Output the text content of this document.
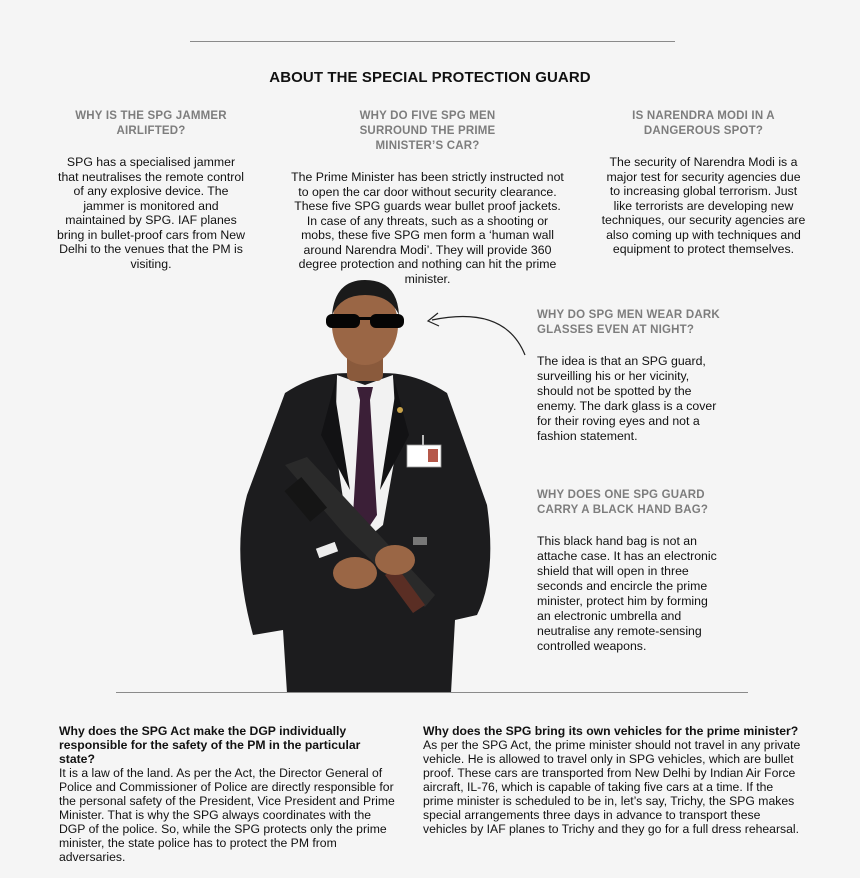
ABOUT THE SPECIAL PROTECTION GUARD
WHY IS THE SPG JAMMER AIRLIFTED?
SPG has a specialised jammer that neutralises the remote control of any explosive device. The jammer is monitored and maintained by SPG. IAF planes bring in bullet-proof cars from New Delhi to the venues that the PM is visiting.
WHY DO FIVE SPG MEN SURROUND THE PRIME MINISTER’S CAR?
The Prime Minister has been strictly instructed not to open the car door without security clearance. These five SPG guards wear bullet proof jackets. In case of any threats, such as a shooting or mobs, these five SPG men form a ‘human wall around Narendra Modi’. They will provide 360 degree protection and nothing can hit the prime minister.
IS NARENDRA MODI IN A DANGEROUS SPOT?
The security of Narendra Modi is a major test for security agencies due to increasing global terrorism. Just like terrorists are developing new techniques, our security agencies are also coming up with techniques and equipment to protect themselves.
WHY DO SPG MEN WEAR DARK GLASSES EVEN AT NIGHT?
The idea is that an SPG guard, surveilling his or her vicinity, should not be spotted by the enemy. The dark glass is a cover for their roving eyes and not a fashion statement.
WHY DOES ONE SPG GUARD CARRY A BLACK HAND BAG?
This black hand bag is not an attache case. It has an electronic shield that will open in three seconds and encircle the prime minister, protect him by forming an electronic umbrella and neutralise any remote-sensing controlled weapons.
Why does the SPG Act make the DGP individually responsible for the safety of the PM in the particular state?
It is a law of the land. As per the Act, the Director General of Police and Commissioner of Police are directly responsible for the personal safety of the President, Vice President and Prime Minister. That is why the SPG always coordinates with the DGP of the police. So, while the SPG protects only the prime minister, the state police has to protect the PM from adversaries.
Why does the SPG bring its own vehicles for the prime minister?
As per the SPG Act, the prime minister should not travel in any private vehicle. He is allowed to travel only in SPG vehicles, which are bullet proof. These cars are transported from New Delhi by Indian Air Force aircraft, IL-76, which is capable of taking five cars at a time. If the prime minister is scheduled to be in, let’s say, Trichy, the SPG makes special arrangements three days in advance to transport these vehicles by IAF planes to Trichy and they go for a full dress rehearsal.
